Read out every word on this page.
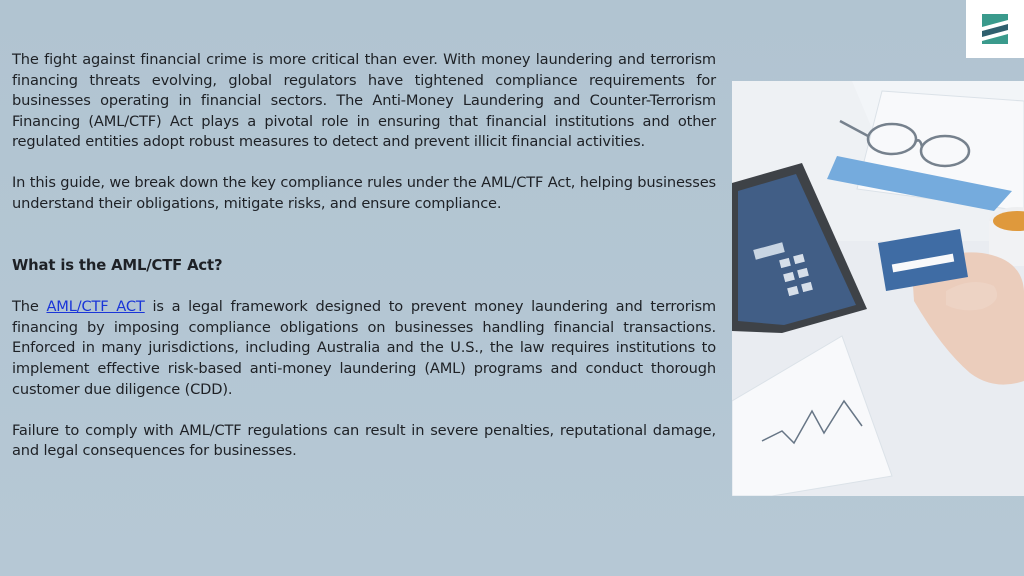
The fight against financial crime is more critical than ever. With money laundering and terrorism financing threats evolving, global regulators have tightened compliance requirements for businesses operating in financial sectors. The Anti-Money Laundering and Counter-Terrorism Financing (AML/CTF) Act plays a pivotal role in ensuring that financial institutions and other regulated entities adopt robust measures to detect and prevent illicit financial activities.

In this guide, we break down the key compliance rules under the AML/CTF Act, helping businesses understand their obligations, mitigate risks, and ensure compliance.

What is the AML/CTF Act?

The AML/CTF ACT is a legal framework designed to prevent money laundering and terrorism financing by imposing compliance obligations on businesses handling financial transactions. Enforced in many jurisdictions, including Australia and the U.S., the law requires institutions to implement effective risk-based anti-money laundering (AML) programs and conduct thorough customer due diligence (CDD).

Failure to comply with AML/CTF regulations can result in severe penalties, reputational damage, and legal consequences for businesses.
